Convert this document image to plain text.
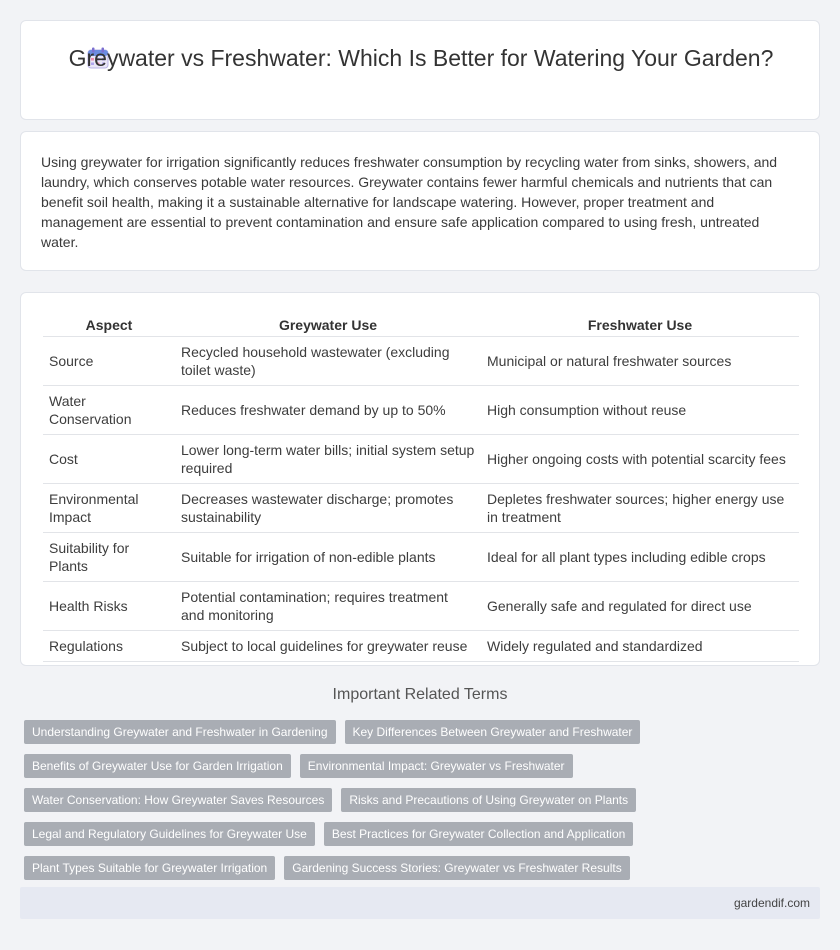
Greywater vs Freshwater: Which Is Better for Watering Your Garden?

Using greywater for irrigation significantly reduces freshwater consumption by recycling water from sinks, showers, and laundry, which conserves potable water resources. Greywater contains fewer harmful chemicals and nutrients that can benefit soil health, making it a sustainable alternative for landscape watering. However, proper treatment and management are essential to prevent contamination and ensure safe application compared to using fresh, untreated water.

Aspect	Greywater Use	Freshwater Use
Source	Recycled household wastewater (excluding toilet waste)	Municipal or natural freshwater sources
Water Conservation	Reduces freshwater demand by up to 50%	High consumption without reuse
Cost	Lower long-term water bills; initial system setup required	Higher ongoing costs with potential scarcity fees
Environmental Impact	Decreases wastewater discharge; promotes sustainability	Depletes freshwater sources; higher energy use in treatment
Suitability for Plants	Suitable for irrigation of non-edible plants	Ideal for all plant types including edible crops
Health Risks	Potential contamination; requires treatment and monitoring	Generally safe and regulated for direct use
Regulations	Subject to local guidelines for greywater reuse	Widely regulated and standardized
Important Related Terms
Understanding Greywater and Freshwater in Gardening	Key Differences Between Greywater and Freshwater
Benefits of Greywater Use for Garden Irrigation	Environmental Impact: Greywater vs Freshwater
Water Conservation: How Greywater Saves Resources	Risks and Precautions of Using Greywater on Plants
Legal and Regulatory Guidelines for Greywater Use	Best Practices for Greywater Collection and Application
Plant Types Suitable for Greywater Irrigation	Gardening Success Stories: Greywater vs Freshwater Results
gardendif.com
